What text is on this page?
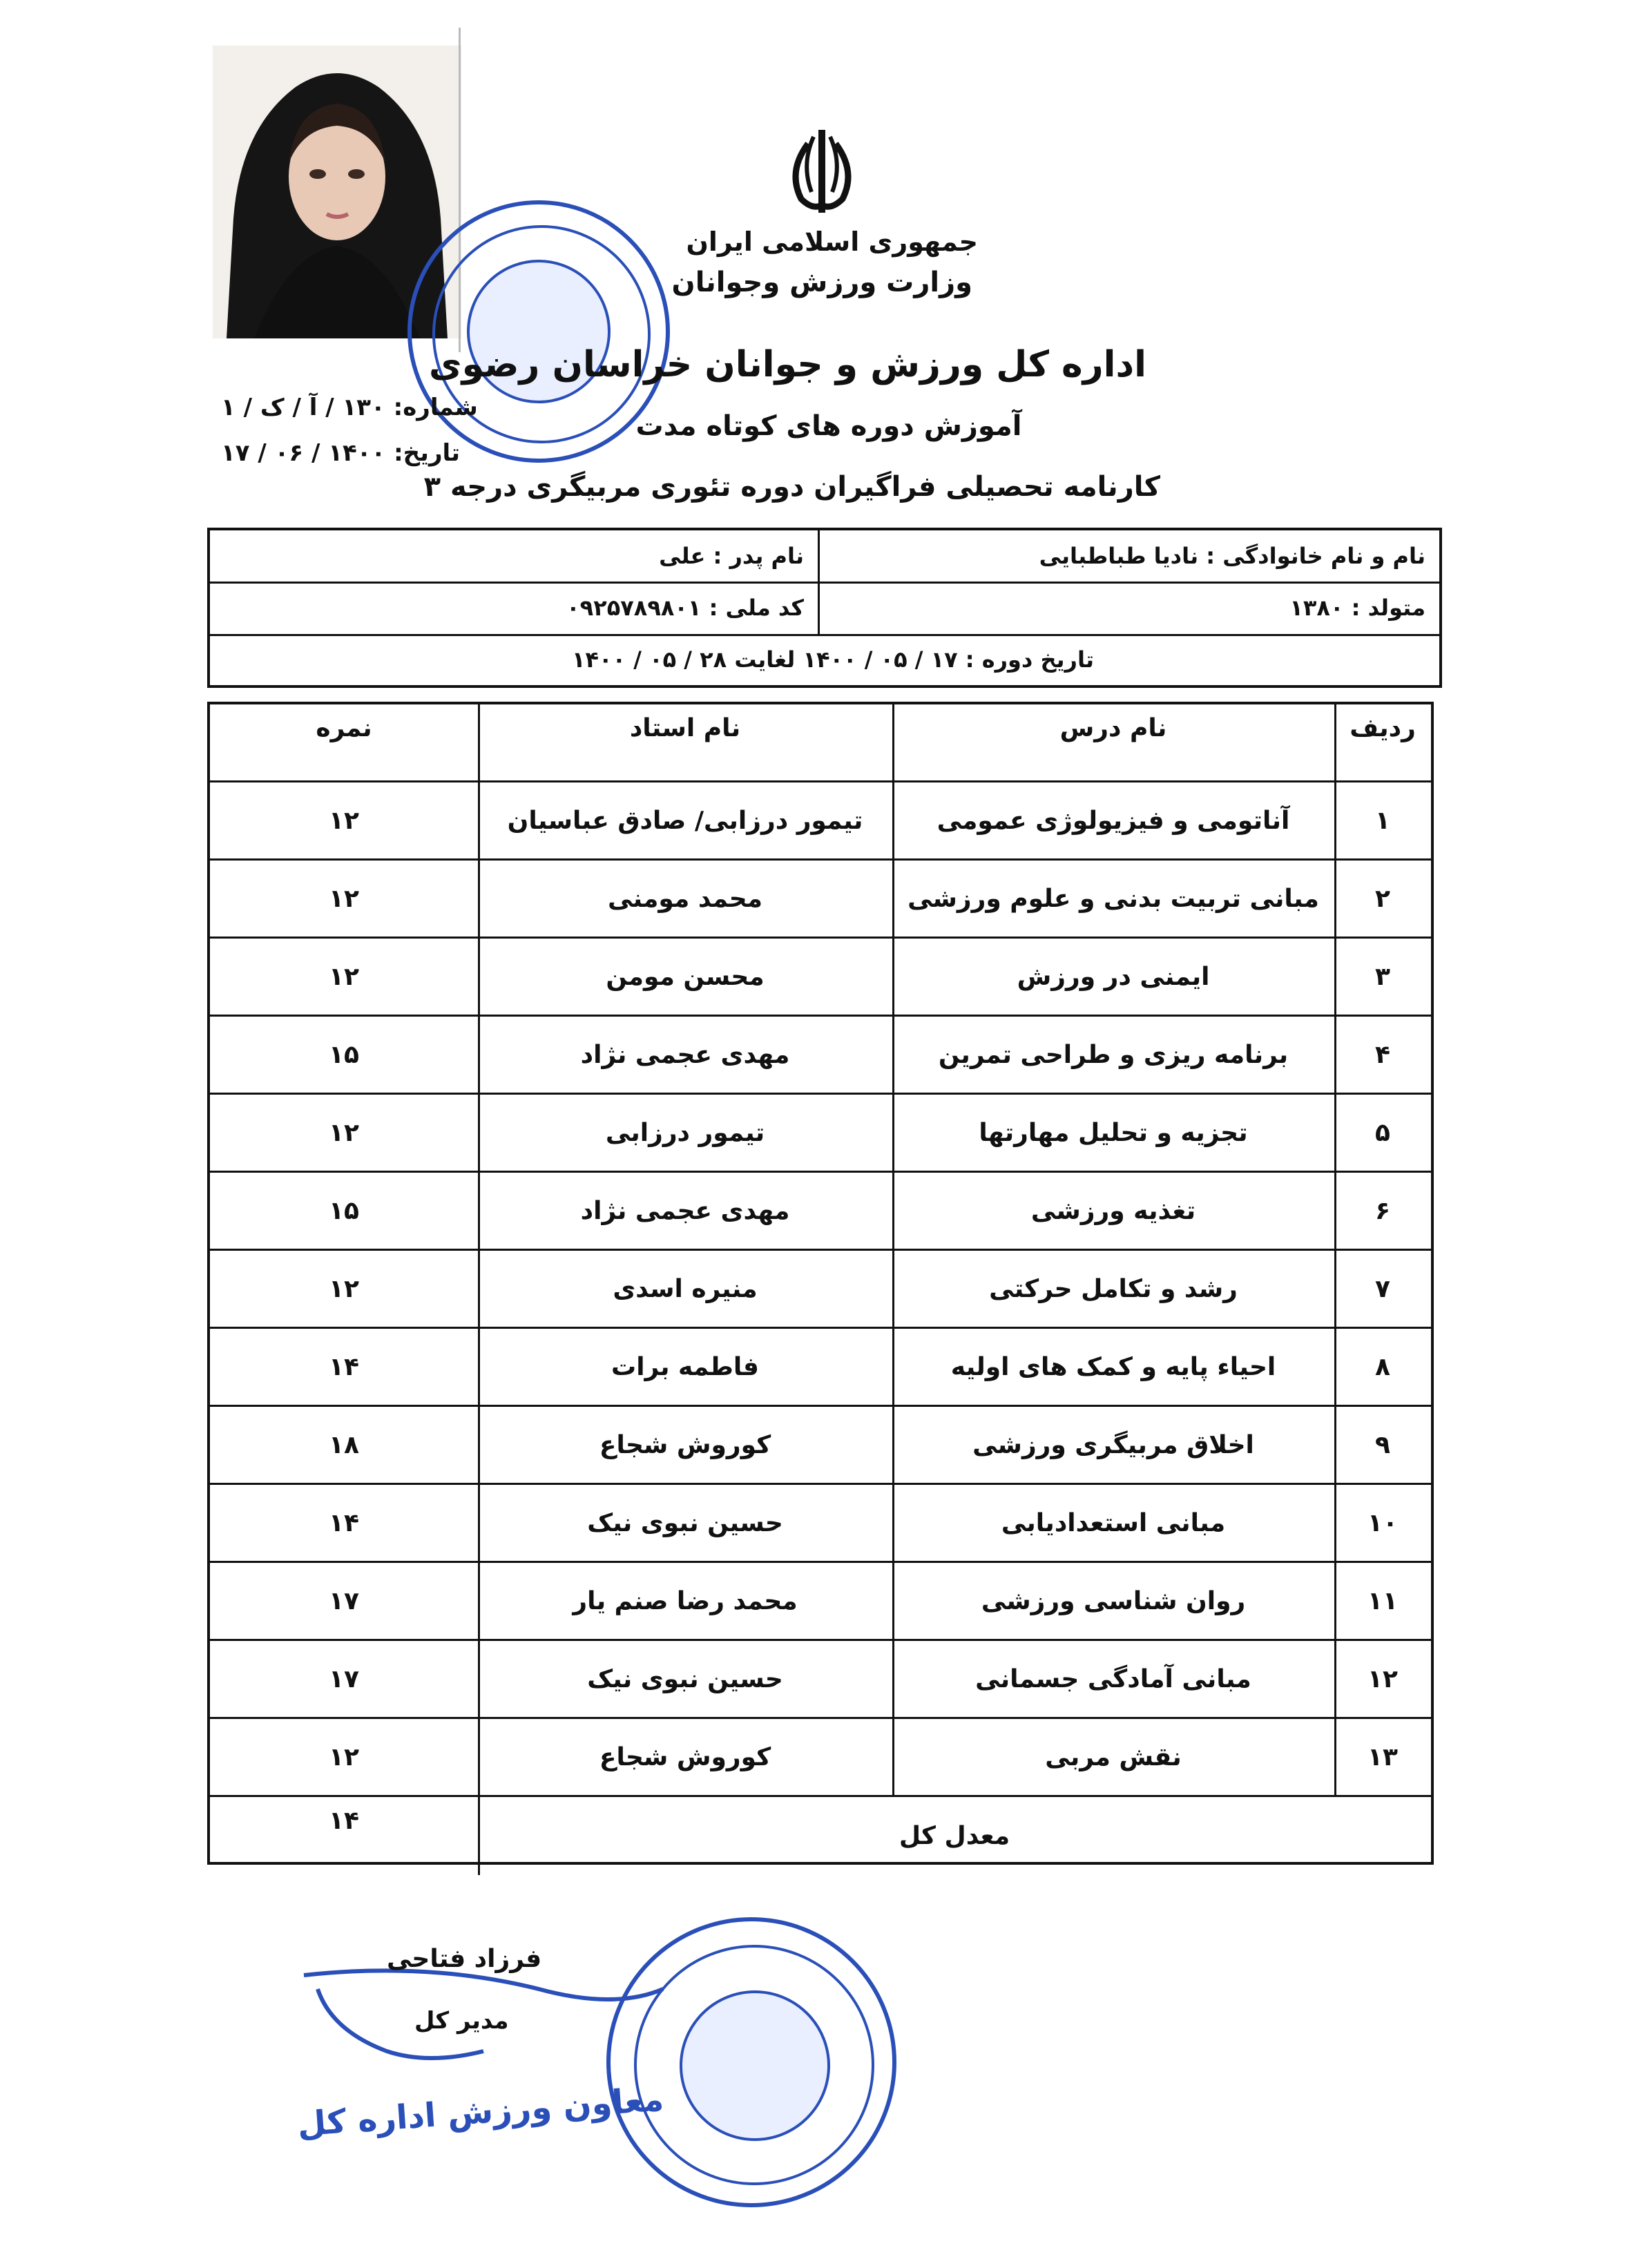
جمهوری اسلامی ایران
وزارت ورزش وجوانان
اداره کل ورزش و جوانان خراسان رضوی
آموزش دوره های کوتاه مدت
کارنامه تحصیلی فراگیران دوره تئوری مربیگری درجه ۳
شماره: ۱۳۰ / آ / ک / ۱
تاریخ: ۱۴۰۰ / ۰۶ / ۱۷
نام و نام خانوادگی :

نادیا طباطبایی
نام پدر :

علی
متولد :

۱۳۸۰
کد ملی :

۰۹۲۵۷۸۹۸۰۱
تاریخ دوره : ۱۷ / ۰۵ / ۱۴۰۰ لغایت ۲۸ / ۰۵ / ۱۴۰۰
نمره	نام استاد	نام درس	ردیف
۱۲	تیمور درزابی/ صادق عباسیان	آناتومی و فیزیولوژی عمومی	۱
۱۲	محمد مومنی	مبانی تربیت بدنی و علوم ورزشی	۲
۱۲	محسن مومن	ایمنی در ورزش	۳
۱۵	مهدی عجمی نژاد	برنامه ریزی و طراحی تمرین	۴
۱۲	تیمور درزابی	تجزیه و تحلیل مهارتها	۵
۱۵	مهدی عجمی نژاد	تغذیه ورزشی	۶
۱۲	منیره اسدی	رشد و تکامل حرکتی	۷
۱۴	فاطمه برات	احیاء پایه و کمک های اولیه	۸
۱۸	کوروش شجاع	اخلاق مربیگری ورزشی	۹
۱۴	حسین نبوی نیک	مبانی استعدادیابی	۱۰
۱۷	محمد رضا صنم یار	روان شناسی ورزشی	۱۱
۱۷	حسین نبوی نیک	مبانی آمادگی جسمانی	۱۲
۱۲	کوروش شجاع	نقش مربی	۱۳
۱۴
معدل کل
فرزاد فتاحی
مدیر کل
معاون ورزش اداره کل
